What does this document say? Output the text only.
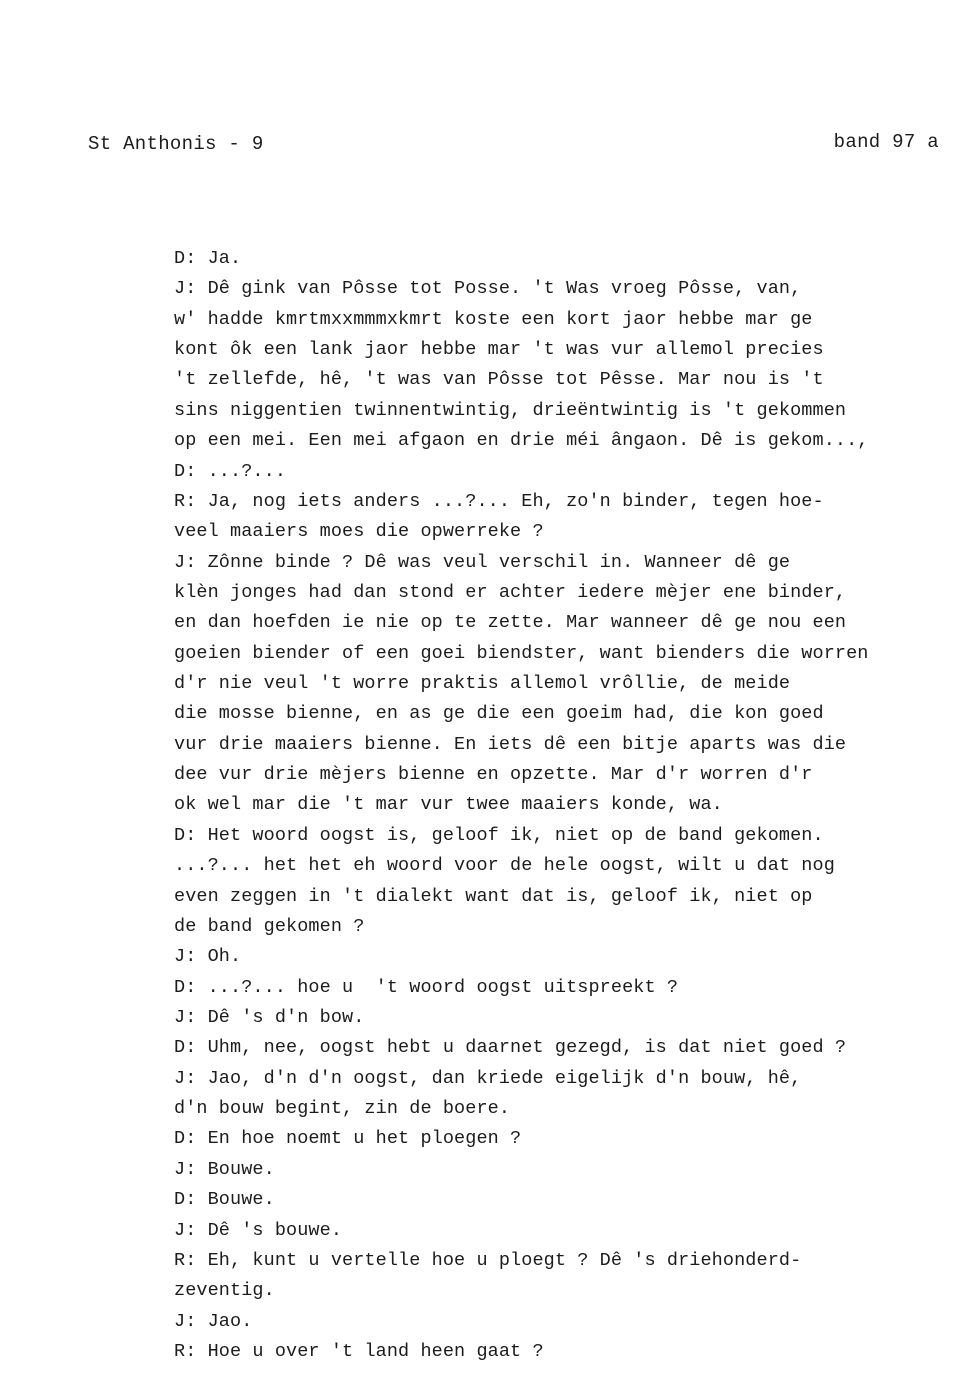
St Anthonis - 9	band 97 a
D: Ja.
J: Dê gink van Pôsse tot Posse. 't Was vroeg Pôsse, van,
w' hadde kmrtmxxmmmxkmrt koste een kort jaor hebbe mar ge
kont ôk een lank jaor hebbe mar 't was vur allemol precies
't zellefde, hê, 't was van Pôsse tot Pêsse. Mar nou is 't
sins niggentien twinnentwintig, drieëntwintig is 't gekommen
op een mei. Een mei afgaon en drie méi ângaon. Dê is gekom...,
D: ...?...
R: Ja, nog iets anders ...?... Eh, zo'n binder, tegen hoe-
veel maaiers moes die opwerreke ?
J: Zônne binde ? Dê was veul verschil in. Wanneer dê ge
klèn jonges had dan stond er achter iedere mèjer ene binder,
en dan hoefden ie nie op te zette. Mar wanneer dê ge nou een
goeien biender of een goei biendster, want bienders die worren
d'r nie veul 't worre praktis allemol vrôllie, de meide
die mosse bienne, en as ge die een goeim had, die kon goed
vur drie maaiers bienne. En iets dê een bitje aparts was die
dee vur drie mèjers bienne en opzette. Mar d'r worren d'r
ok wel mar die 't mar vur twee maaiers konde, wa.
D: Het woord oogst is, geloof ik, niet op de band gekomen.
...?... het het eh woord voor de hele oogst, wilt u dat nog
even zeggen in 't dialekt want dat is, geloof ik, niet op
de band gekomen ?
J: Oh.
D: ...?... hoe u  't woord oogst uitspreekt ?
J: Dê 's d'n bow.
D: Uhm, nee, oogst hebt u daarnet gezegd, is dat niet goed ?
J: Jao, d'n d'n oogst, dan kriede eigelijk d'n bouw, hê,
d'n bouw begint, zin de boere.
D: En hoe noemt u het ploegen ?
J: Bouwe.
D: Bouwe.
J: Dê 's bouwe.
R: Eh, kunt u vertelle hoe u ploegt ? Dê 's driehonderd-
zeventig.
J: Jao.
R: Hoe u over 't land heen gaat ?
